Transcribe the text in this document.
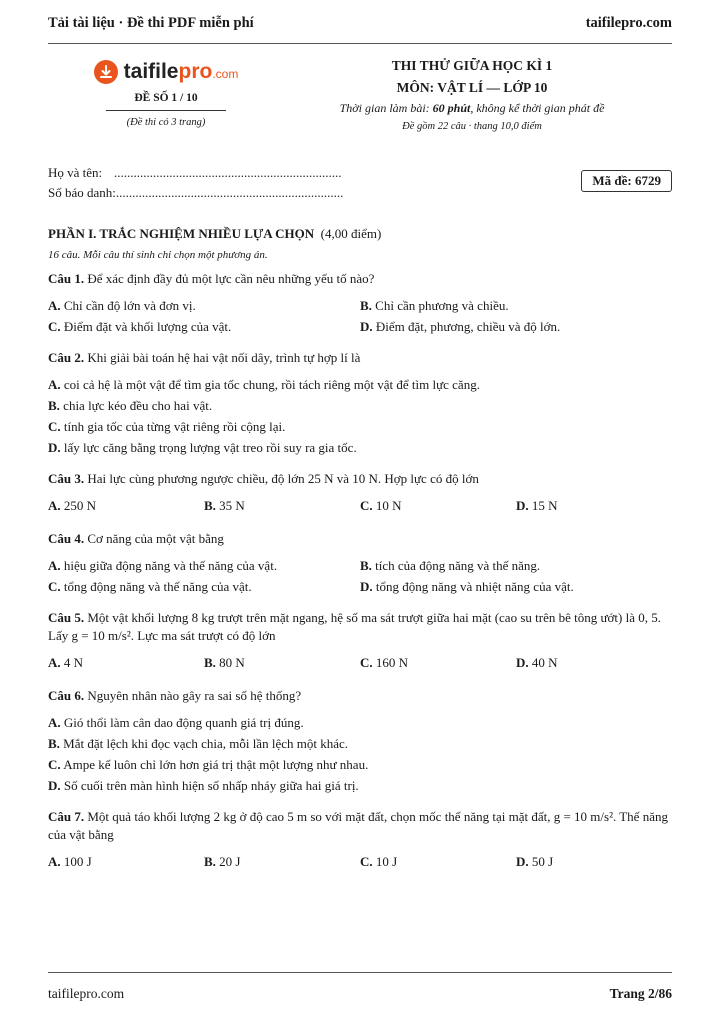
Tải tài liệu · Đề thi PDF miễn phí	taifilepro.com
taifilepro.com
ĐỀ SỐ 1 / 10
(Đề thi có 3 trang)
THI THỬ GIỮA HỌC KÌ 1
MÔN: VẬT LÍ — LỚP 10
Thời gian làm bài: 60 phút, không kể thời gian phát đề
Đề gồm 22 câu · thang 10,0 điểm
Họ và tên: ......................................................................
Số báo danh: ......................................................................
Mã đề: 6729
PHẦN I. TRẮC NGHIỆM NHIỀU LỰA CHỌN (4,00 điểm)
16 câu. Mỗi câu thí sinh chỉ chọn một phương án.
Câu 1. Để xác định đầy đủ một lực cần nêu những yếu tố nào?
A. Chỉ cần độ lớn và đơn vị.	B. Chỉ cần phương và chiều.
C. Điểm đặt và khối lượng của vật.	D. Điểm đặt, phương, chiều và độ lớn.
Câu 2. Khi giải bài toán hệ hai vật nối dây, trình tự hợp lí là
A. coi cả hệ là một vật để tìm gia tốc chung, rồi tách riêng một vật để tìm lực căng.
B. chia lực kéo đều cho hai vật.
C. tính gia tốc của từng vật riêng rồi cộng lại.
D. lấy lực căng bằng trọng lượng vật treo rồi suy ra gia tốc.
Câu 3. Hai lực cùng phương ngược chiều, độ lớn 25 N và 10 N. Hợp lực có độ lớn
A. 250 N	B. 35 N	C. 10 N	D. 15 N
Câu 4. Cơ năng của một vật bằng
A. hiệu giữa động năng và thế năng của vật.	B. tích của động năng và thế năng.
C. tổng động năng và thế năng của vật.	D. tổng động năng và nhiệt năng của vật.
Câu 5. Một vật khối lượng 8 kg trượt trên mặt ngang, hệ số ma sát trượt giữa hai mặt (cao su trên bê tông ướt) là 0, 5. Lấy g = 10 m/s². Lực ma sát trượt có độ lớn
A. 4 N	B. 80 N	C. 160 N	D. 40 N
Câu 6. Nguyên nhân nào gây ra sai số hệ thống?
A. Gió thổi làm cân dao động quanh giá trị đúng.
B. Mắt đặt lệch khi đọc vạch chia, mỗi lần lệch một khác.
C. Ampe kế luôn chỉ lớn hơn giá trị thật một lượng như nhau.
D. Số cuối trên màn hình hiện số nhấp nháy giữa hai giá trị.
Câu 7. Một quả táo khối lượng 2 kg ở độ cao 5 m so với mặt đất, chọn mốc thế năng tại mặt đất, g = 10 m/s². Thế năng của vật bằng
A. 100 J	B. 20 J	C. 10 J	D. 50 J
taifilepro.com	Trang 2/86
